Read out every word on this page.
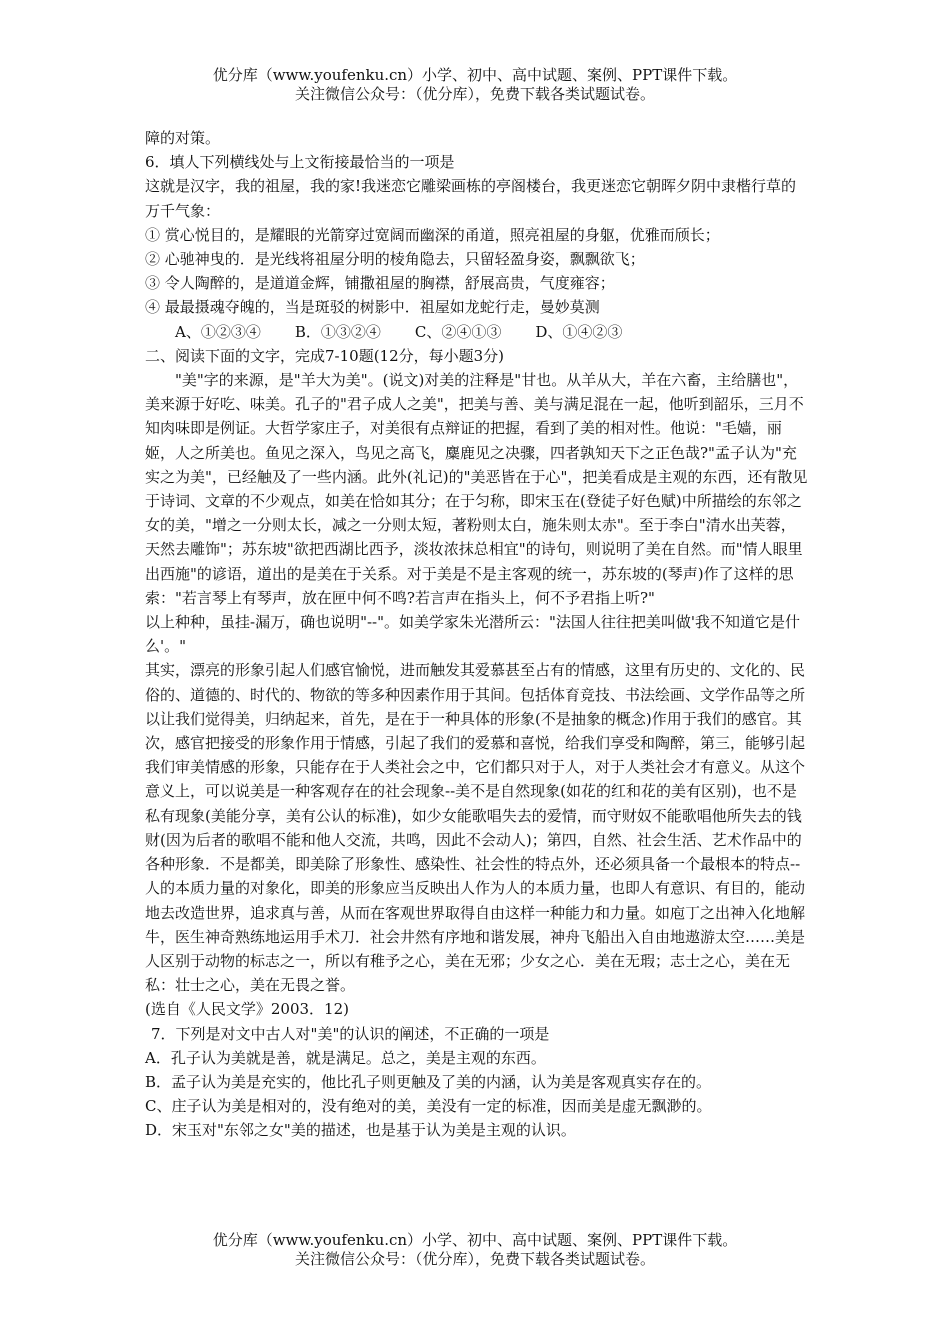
优分库（www.youfenku.cn）小学、初中、高中试题、案例、PPT课件下载。
关注微信公众号：（优分库），免费下载各类试题试卷。

障的对策。

6．填人下列横线处与上文衔接最恰当的一项是

这就是汉字，我的祖屋，我的家!我迷恋它雕梁画栋的亭阁楼台，我更迷恋它朝晖夕阴中隶楷行草的万千气象：

① 赏心悦目的，是耀眼的光箭穿过宽阔而幽深的甬道，照亮祖屋的身躯，优雅而颀长；

② 心驰神曳的．是光线将祖屋分明的棱角隐去，只留轻盈身姿，飘飘欲飞；

③ 令人陶醉的，是道道金辉，铺撒祖屋的胸襟，舒展高贵，气度雍容；

④ 最最摄魂夺魄的，当是斑驳的树影中．祖屋如龙蛇行走，曼妙莫测

A、①②③④ B．①③②④ C、②④①③ D、①④②③

二、阅读下面的文字，完成7-10题(12分，每小题3分)

"美"字的来源，是"羊大为美"。(说文)对美的注释是"甘也。从羊从大，羊在六畜，主给膳也"，美来源于好吃、味美。孔子的"君子成人之美"，把美与善、美与满足混在一起，他听到韶乐，三月不知肉味即是例证。大哲学家庄子，对美很有点辩证的把握，看到了美的相对性。他说："毛嫱，丽姬，人之所美也。鱼见之深入，鸟见之高飞，麋鹿见之决骤，四者孰知天下之正色哉?"孟子认为"充实之为美"，已经触及了一些内涵。此外(礼记)的"美恶皆在于心"，把美看成是主观的东西，还有散见于诗词、文章的不少观点，如美在恰如其分；在于匀称，即宋玉在(登徒子好色赋)中所描绘的东邻之女的美，"增之一分则太长，减之一分则太短，著粉则太白，施朱则太赤"。至于李白"清水出芙蓉，天然去雕饰"；苏东坡"欲把西湖比西予，淡妆浓抹总相宜"的诗句，则说明了美在自然。而"情人眼里出西施"的谚语，道出的是美在于关系。对于美是不是主客观的统一，苏东坡的(琴声)作了这样的思索："若言琴上有琴声，放在匣中何不鸣?若言声在指头上，何不予君指上听?"

以上种种，虽挂-漏万，确也说明"--"。如美学家朱光潜所云："法国人往往把美叫做'我不知道它是什么'。"

其实，漂亮的形象引起人们感官愉悦，进而触发其爱慕甚至占有的情感，这里有历史的、文化的、民俗的、道德的、时代的、物欲的等多种因素作用于其间。包括体育竞技、书法绘画、文学作品等之所以让我们觉得美，归纳起来，首先，是在于一种具体的形象(不是抽象的概念)作用于我们的感官。其次，感官把接受的形象作用于情感，引起了我们的爱慕和喜悦，给我们享受和陶醉，第三，能够引起我们审美情感的形象，只能存在于人类社会之中，它们都只对于人，对于人类社会才有意义。从这个意义上，可以说美是一种客观存在的社会现象--美不是自然现象(如花的红和花的美有区别)，也不是私有现象(美能分享，美有公认的标准)，如少女能歌唱失去的爱情，而守财奴不能歌唱他所失去的钱财(因为后者的歌唱不能和他人交流，共鸣，因此不会动人)；第四，自然、社会生活、艺术作品中的各种形象．不是都美，即美除了形象性、感染性、社会性的特点外，还必须具备一个最根本的特点--人的本质力量的对象化，即美的形象应当反映出人作为人的本质力量，也即人有意识、有目的，能动地去改造世界，追求真与善，从而在客观世界取得自由这样一种能力和力量。如庖丁之出神入化地解牛，医生神奇熟练地运用手术刀．社会井然有序地和谐发展，神舟飞船出入自由地遨游太空……美是人区别于动物的标志之一，所以有稚予之心，美在无邪；少女之心．美在无瑕；志士之心，美在无私：壮士之心，美在无畏之誉。

(选自《人民文学》2003．12)

7．下列是对文中古人对"美"的认识的阐述，不正确的一项是

A．孔子认为美就是善，就是满足。总之，美是主观的东西。

B．孟子认为美是充实的，他比孔子则更触及了美的内涵，认为美是客观真实存在的。

C、庄子认为美是相对的，没有绝对的美，美没有一定的标准，因而美是虚无飘渺的。

D．宋玉对"东邻之女"美的描述，也是基于认为美是主观的认识。

优分库（www.youfenku.cn）小学、初中、高中试题、案例、PPT课件下载。
关注微信公众号：（优分库），免费下载各类试题试卷。
